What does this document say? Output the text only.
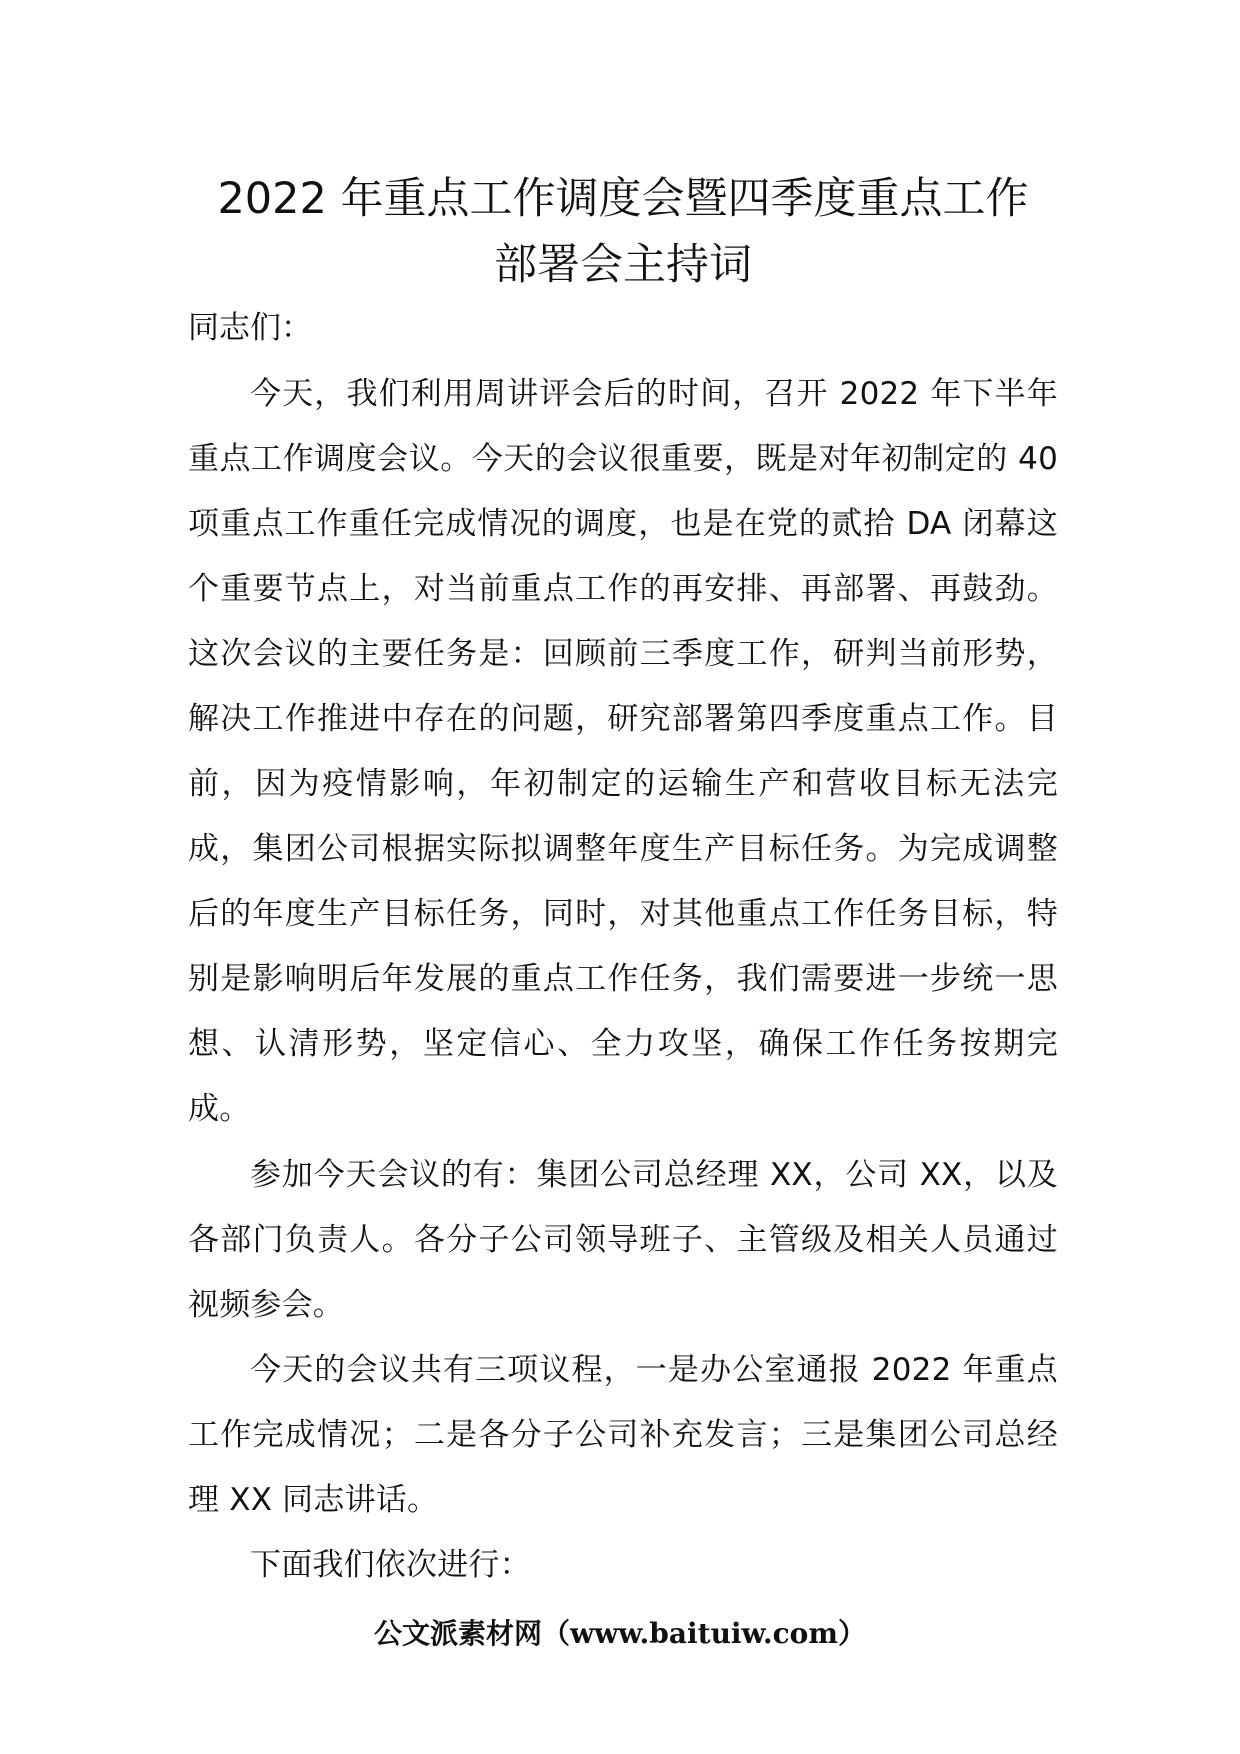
2022 年重点工作调度会暨四季度重点工作
部署会主持词
同志们：

今天，我们利用周讲评会后的时间，召开 2022 年下半年重点工作调度会议。今天的会议很重要，既是对年初制定的 40 项重点工作重任完成情况的调度，也是在党的贰拾 DA 闭幕这个重要节点上，对当前重点工作的再安排、再部署、再鼓劲。这次会议的主要任务是：回顾前三季度工作，研判当前形势，解决工作推进中存在的问题，研究部署第四季度重点工作。目前，因为疫情影响，年初制定的运输生产和营收目标无法完成，集团公司根据实际拟调整年度生产目标任务。为完成调整后的年度生产目标任务，同时，对其他重点工作任务目标，特别是影响明后年发展的重点工作任务，我们需要进一步统一思想、认清形势，坚定信心、全力攻坚，确保工作任务按期完成。

参加今天会议的有：集团公司总经理 XX，公司 XX，以及各部门负责人。各分子公司领导班子、主管级及相关人员通过视频参会。

今天的会议共有三项议程，一是办公室通报 2022 年重点工作完成情况；二是各分子公司补充发言；三是集团公司总经理 XX 同志讲话。

下面我们依次进行：

公文派素材网（www.baituiw.com）
